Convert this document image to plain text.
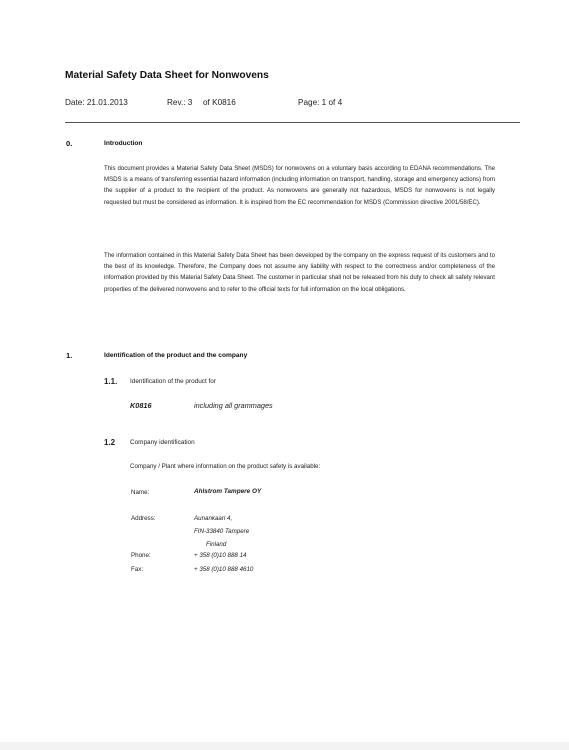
Material Safety Data Sheet for Nonwovens
Date: 21.01.2013	Rev.: 3 of K0816	Page: 1 of 4
0.	Introduction
This document provides a Material Safety Data Sheet (MSDS) for nonwovens on a voluntary basis according to EDANA recommendations. The MSDS is a means of transferring essential hazard information (including information on transport, handling, storage and emergency actions) from the supplier of a product to the recipient of the product. As nonwovens are generally not hazardous, MSDS for nonwovens is not legally requested but must be considered as information. It is inspired from the EC recommendation for MSDS (Commission directive 2001/58/EC).
The information contained in this Material Safety Data Sheet has been developed by the company on the express request of its customers and to the best of its knowledge. Therefore, the Company does not assume any liability with respect to the correctness and/or completeness of the information provided by this Material Safety Data Sheet. The customer in particular shall not be released from his duty to check all safety relevant properties of the delivered nonwovens and to refer to the official texts for full information on the local obligations.
1.	Identification of the product and the company
1.1. Identification of the product for
K0816	including all grammages
1.2 Company identification
Company / Plant where information on the product safety is available:
Name:	Ahlstrom Tampere OY
Address:	Aunankaari 4,
FIN-33840 Tampere
Finland
Phone:	+ 358 (0)10 888 14
Fax:	+ 358 (0)10 888 4610
